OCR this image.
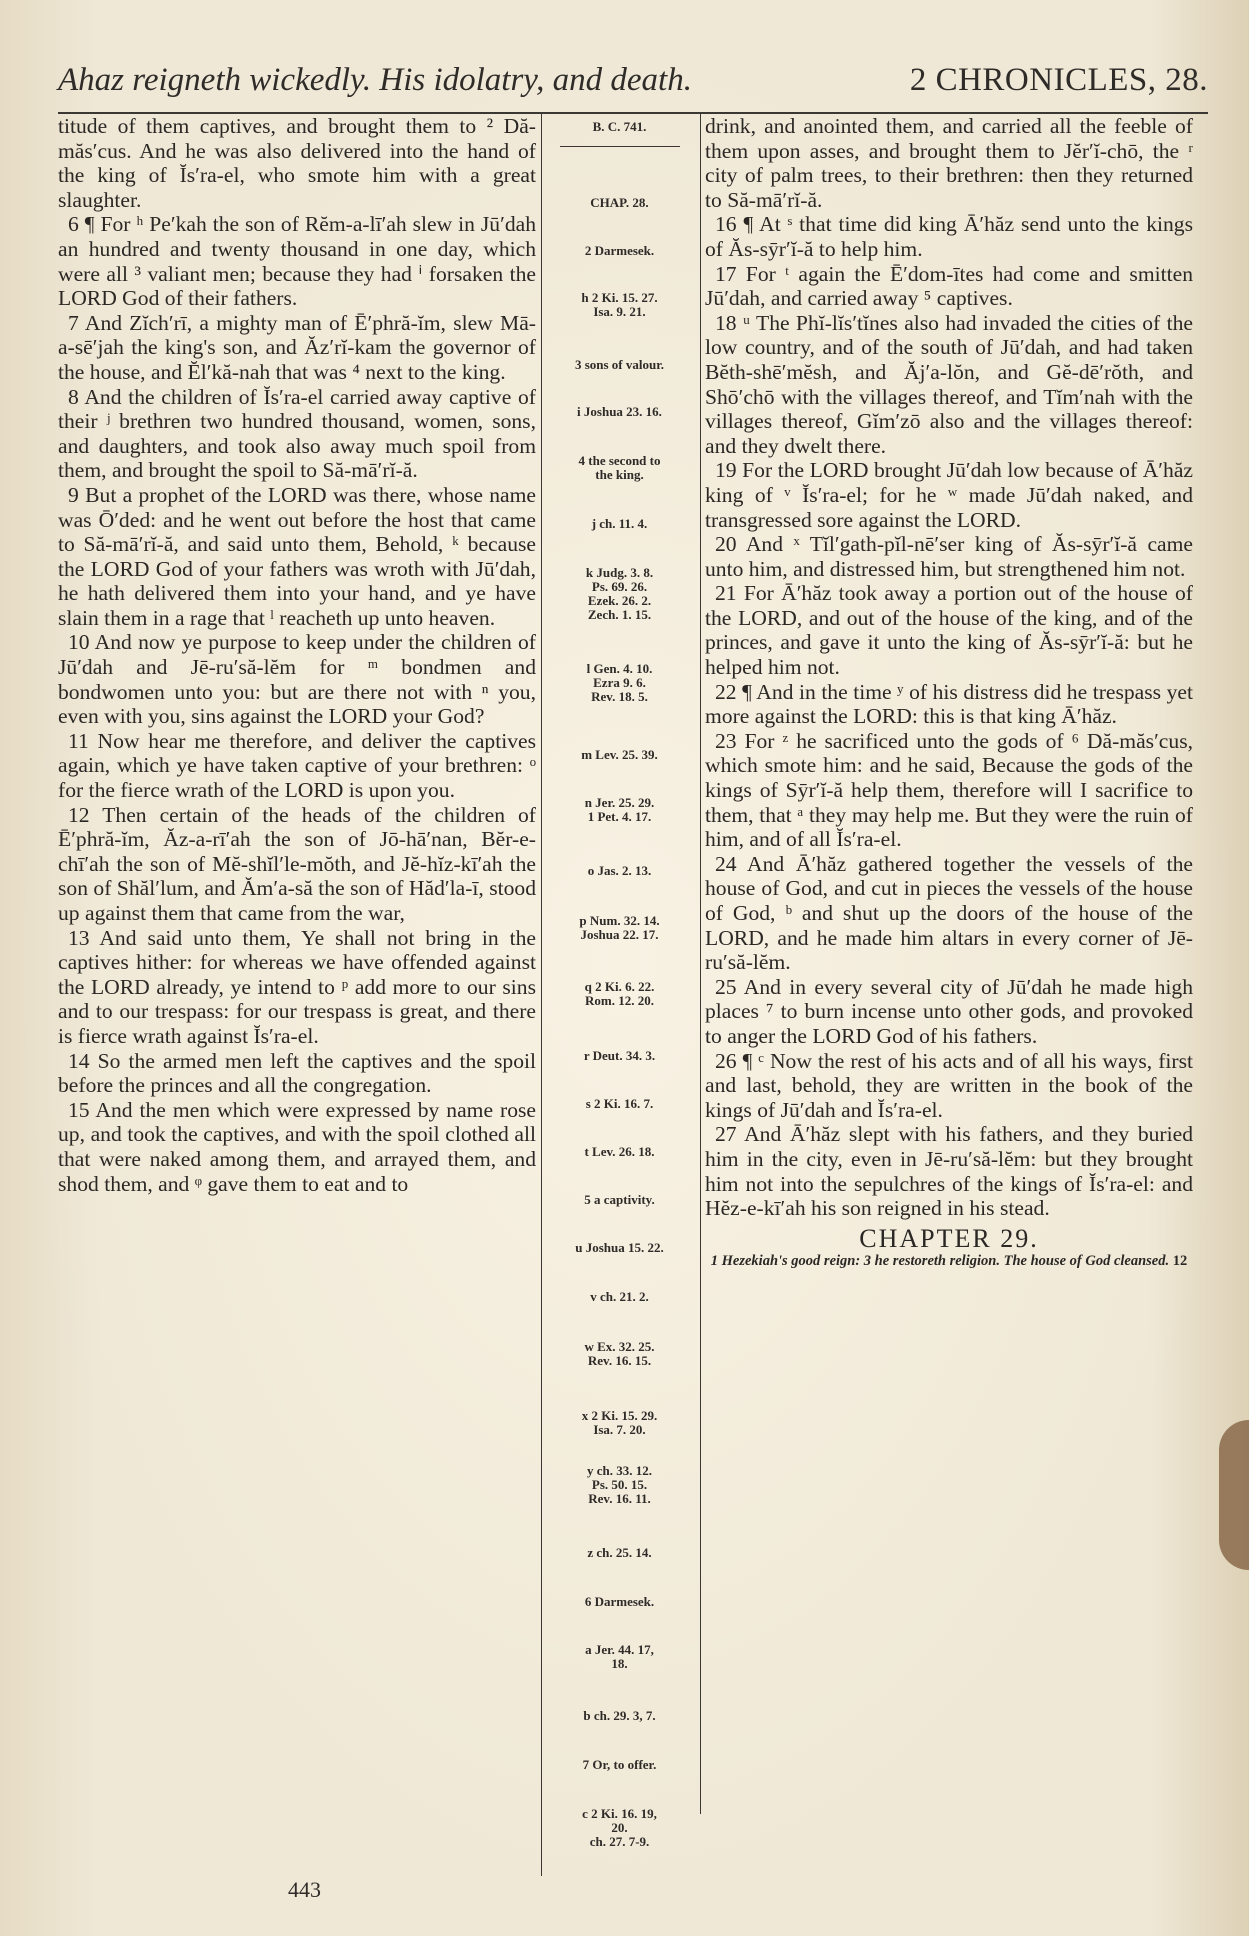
Ahaz reigneth wickedly. His idolatry, and death.	2 CHRONICLES, 28.

titude of them captives, and brought them to ² Dă-măs′cus. And he was also delivered into the hand of the king of Ĭs′ra-el, who smote him with a great slaughter.

6 ¶ For ʰ Pe′kah the son of Rĕm-a-lī′ah slew in Jū′dah an hundred and twenty thousand in one day, which were all ³ valiant men; because they had ⁱ forsaken the LORD God of their fathers.

7 And Zĭch′rī, a mighty man of Ē′phră-ĭm, slew Mā-a-sē′jah the king's son, and Ăz′rĭ-kam the governor of the house, and Ĕl′kă-nah that was ⁴ next to the king.

8 And the children of Ĭs′ra-el carried away captive of their ʲ brethren two hundred thousand, women, sons, and daughters, and took also away much spoil from them, and brought the spoil to Să-mā′rĭ-ă.

9 But a prophet of the LORD was there, whose name was Ō′ded: and he went out before the host that came to Să-mā′rĭ-ă, and said unto them, Behold, ᵏ because the LORD God of your fathers was wroth with Jū′dah, he hath delivered them into your hand, and ye have slain them in a rage that ˡ reacheth up unto heaven.

10 And now ye purpose to keep under the children of Jū′dah and Jē-ru′să-lĕm for ᵐ bondmen and bondwomen unto you: but are there not with ⁿ you, even with you, sins against the LORD your God?

11 Now hear me therefore, and deliver the captives again, which ye have taken captive of your brethren: ᵒ for the fierce wrath of the LORD is upon you.

12 Then certain of the heads of the children of Ē′phră-ĭm, Ăz-a-rī′ah the son of Jō-hā′nan, Bĕr-e-chī′ah the son of Mĕ-shĭl′le-mŏth, and Jĕ-hĭz-kī′ah the son of Shăl′lum, and Ăm′a-să the son of Hăd′la-ī, stood up against them that came from the war,

13 And said unto them, Ye shall not bring in the captives hither: for whereas we have offended against the LORD already, ye intend to ᵖ add more to our sins and to our trespass: for our trespass is great, and there is fierce wrath against Ĭs′ra-el.

14 So the armed men left the captives and the spoil before the princes and all the congregation.

15 And the men which were expressed by name rose up, and took the captives, and with the spoil clothed all that were naked among them, and arrayed them, and shod them, and ᵠ gave them to eat and to

B. C. 741.
CHAP. 28.
2 Darmesek.
h 2 Ki. 15. 27.
Isa. 9. 21.
3 sons of valour.
i Joshua 23. 16.
4 the second to
the king.
j ch. 11. 4.
k Judg. 3. 8.
Ps. 69. 26.
Ezek. 26. 2.
Zech. 1. 15.
l Gen. 4. 10.
Ezra 9. 6.
Rev. 18. 5.
m Lev. 25. 39.
n Jer. 25. 29.
1 Pet. 4. 17.
o Jas. 2. 13.
p Num. 32. 14.
Joshua 22. 17.
q 2 Ki. 6. 22.
Rom. 12. 20.
r Deut. 34. 3.
s 2 Ki. 16. 7.
t Lev. 26. 18.
5 a captivity.
u Joshua 15. 22.
v ch. 21. 2.
w Ex. 32. 25.
Rev. 16. 15.
x 2 Ki. 15. 29.
Isa. 7. 20.
y ch. 33. 12.
Ps. 50. 15.
Rev. 16. 11.
z ch. 25. 14.
6 Darmesek.
a Jer. 44. 17,
18.
b ch. 29. 3, 7.
7 Or, to offer.
c 2 Ki. 16. 19,
20.
ch. 27. 7-9.

drink, and anointed them, and carried all the feeble of them upon asses, and brought them to Jĕr′ĭ-chō, the ʳ city of palm trees, to their brethren: then they returned to Să-mā′rĭ-ă.

16 ¶ At ˢ that time did king Ā′hăz send unto the kings of Ăs-sӯr′ĭ-ă to help him.

17 For ᵗ again the Ē′dom-ītes had come and smitten Jū′dah, and carried away ⁵ captives.

18 ᵘ The Phĭ-lĭs′tĭnes also had invaded the cities of the low country, and of the south of Jū′dah, and had taken Bĕth-shē′mĕsh, and Ăj′a-lŏn, and Gĕ-dē′rŏth, and Shō′chō with the villages thereof, and Tĭm′nah with the villages thereof, Gĭm′zō also and the villages thereof: and they dwelt there.

19 For the LORD brought Jū′dah low because of Ā′hăz king of ᵛ Ĭs′ra-el; for he ʷ made Jū′dah naked, and transgressed sore against the LORD.

20 And ˣ Tĭl′gath-pĭl-nē′ser king of Ăs-sӯr′ĭ-ă came unto him, and distressed him, but strengthened him not.

21 For Ā′hăz took away a portion out of the house of the LORD, and out of the house of the king, and of the princes, and gave it unto the king of Ăs-sӯr′ĭ-ă: but he helped him not.

22 ¶ And in the time ʸ of his distress did he trespass yet more against the LORD: this is that king Ā′hăz.

23 For ᶻ he sacrificed unto the gods of ⁶ Dă-măs′cus, which smote him: and he said, Because the gods of the kings of Sӯr′ĭ-ă help them, therefore will I sacrifice to them, that ᵃ they may help me. But they were the ruin of him, and of all Ĭs′ra-el.

24 And Ā′hăz gathered together the vessels of the house of God, and cut in pieces the vessels of the house of God, ᵇ and shut up the doors of the house of the LORD, and he made him altars in every corner of Jē-ru′să-lĕm.

25 And in every several city of Jū′dah he made high places ⁷ to burn incense unto other gods, and provoked to anger the LORD God of his fathers.

26 ¶ ᶜ Now the rest of his acts and of all his ways, first and last, behold, they are written in the book of the kings of Jū′dah and Ĭs′ra-el.

27 And Ā′hăz slept with his fathers, and they buried him in the city, even in Jē-ru′să-lĕm: but they brought him not into the sepulchres of the kings of Ĭs′ra-el: and Hĕz-e-kī′ah his son reigned in his stead.

CHAPTER 29.
1 Hezekiah's good reign: 3 he restoreth religion. The house of God cleansed. 12
443
